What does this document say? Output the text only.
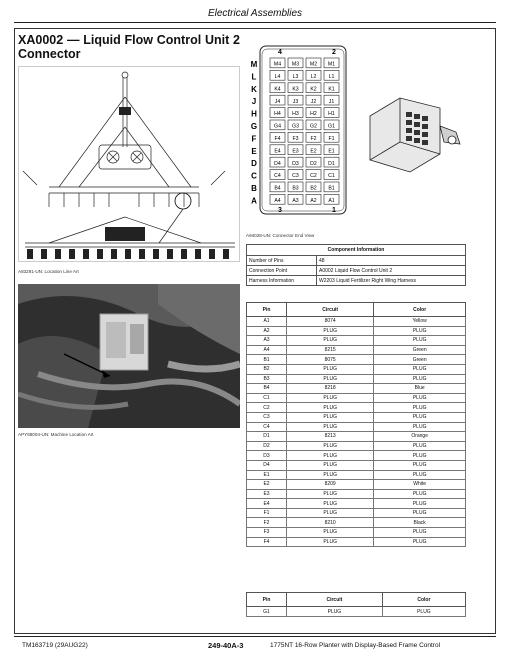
Electrical Assemblies
XA0002 — Liquid Flow Control Unit 2
Connector
A83291-UN: Location Line Art
APY68004-UN: Machine Location Art
M	M4 M3 M2 M1
L	L4 L3 L2 L1
K	K4 K3 K2 K1
J	J4 J3 J2 J1
H	H4 H3 H2 H1
G	G4 G3 G2 G1
F	F4 F3 F2 F1
E	E4 E3 E2 E1
D	D4 D3 D2 D1
C	C4 C3 C2 C1
B	B4 B3 B2 B1
A	A4 A3 A2 A1
4	2
3	1
A94028-UN: Connector End View
Component Information	
Number of Pins	48
Connection Point	A0002 Liquid Flow Control Unit 2
Harness Information	W2203 Liquid Fertilizer Right Wing Harness
Pin	Circuit	Color
A1	8074	Yellow
A2	PLUG	PLUG
A3	PLUG	PLUG
A4	8215	Green
B1	8075	Green
B2	PLUG	PLUG
B3	PLUG	PLUG
B4	8218	Blue
C1	PLUG	PLUG
C2	PLUG	PLUG
C3	PLUG	PLUG
C4	PLUG	PLUG
D1	8213	Orange
D2	PLUG	PLUG
D3	PLUG	PLUG
D4	PLUG	PLUG
E1	PLUG	PLUG
E2	8209	White
E3	PLUG	PLUG
E4	PLUG	PLUG
F1	PLUG	PLUG
F2	8210	Black
F3	PLUG	PLUG
F4	PLUG	PLUG
Pin	Circuit	Color
G1	PLUG	PLUG
TM163719 (29AUG22)	249-40A-3	1775NT 16-Row Planter with Display-Based Frame Control
